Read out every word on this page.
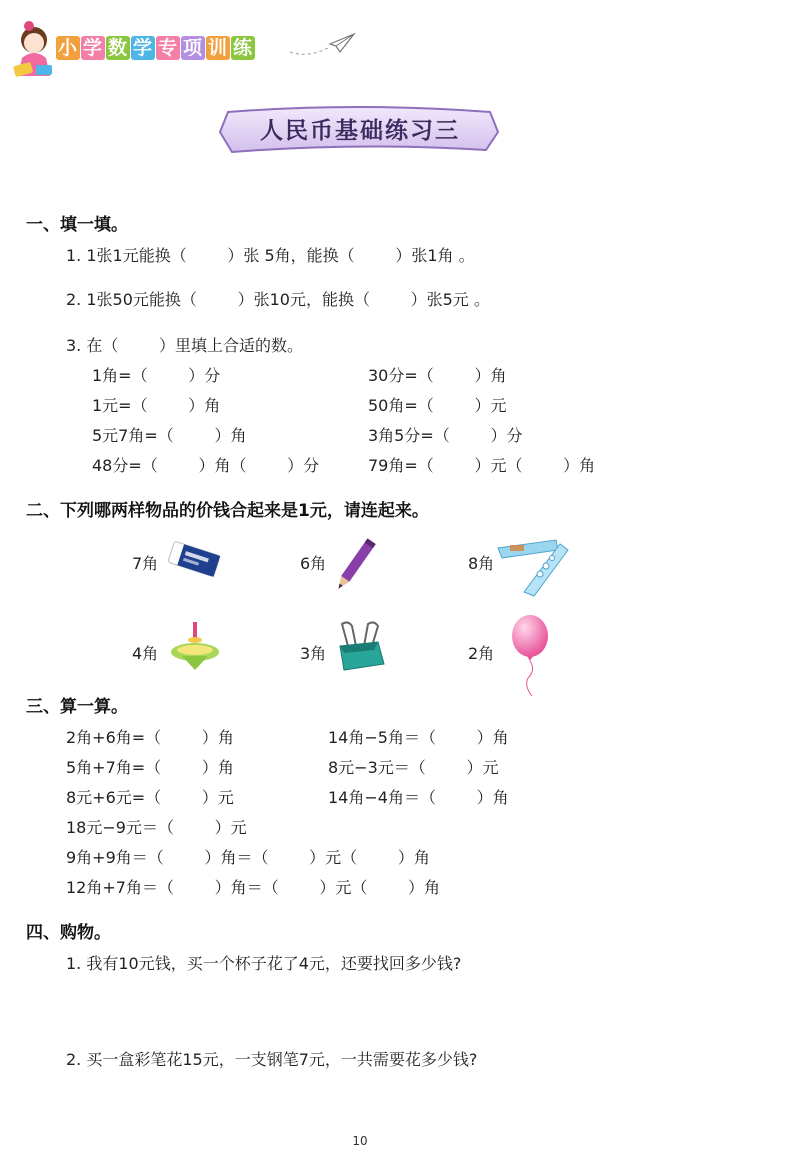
小 学 数 学 专 项 训 练
人民币基础练习三
一、填一填。
1. 1张1元能换（        ）张 5角，能换（        ）张1角 。
2. 1张50元能换（        ）张10元，能换（        ）张5元 。
3. 在（        ）里填上合适的数。
1角=（        ）分	30分=（        ）角
1元=（        ）角	50角=（        ）元
5元7角=（        ）角	3角5分=（        ）分
48分=（        ）角（        ）分	79角=（        ）元（        ）角
二、下列哪两样物品的价钱合起来是1元，请连起来。
7角	6角	8角
4角	3角	2角
三、算一算。
2角+6角=（        ）角	14角−5角＝（        ）角
5角+7角=（        ）角	8元−3元＝（        ）元
8元+6元=（        ）元	14角−4角＝（        ）角
18元−9元＝（        ）元
9角+9角＝（        ）角＝（        ）元（        ）角
12角+7角＝（        ）角＝（        ）元（        ）角
四、购物。
1. 我有10元钱，买一个杯子花了4元，还要找回多少钱?
2. 买一盒彩笔花15元，一支钢笔7元，一共需要花多少钱?
10
